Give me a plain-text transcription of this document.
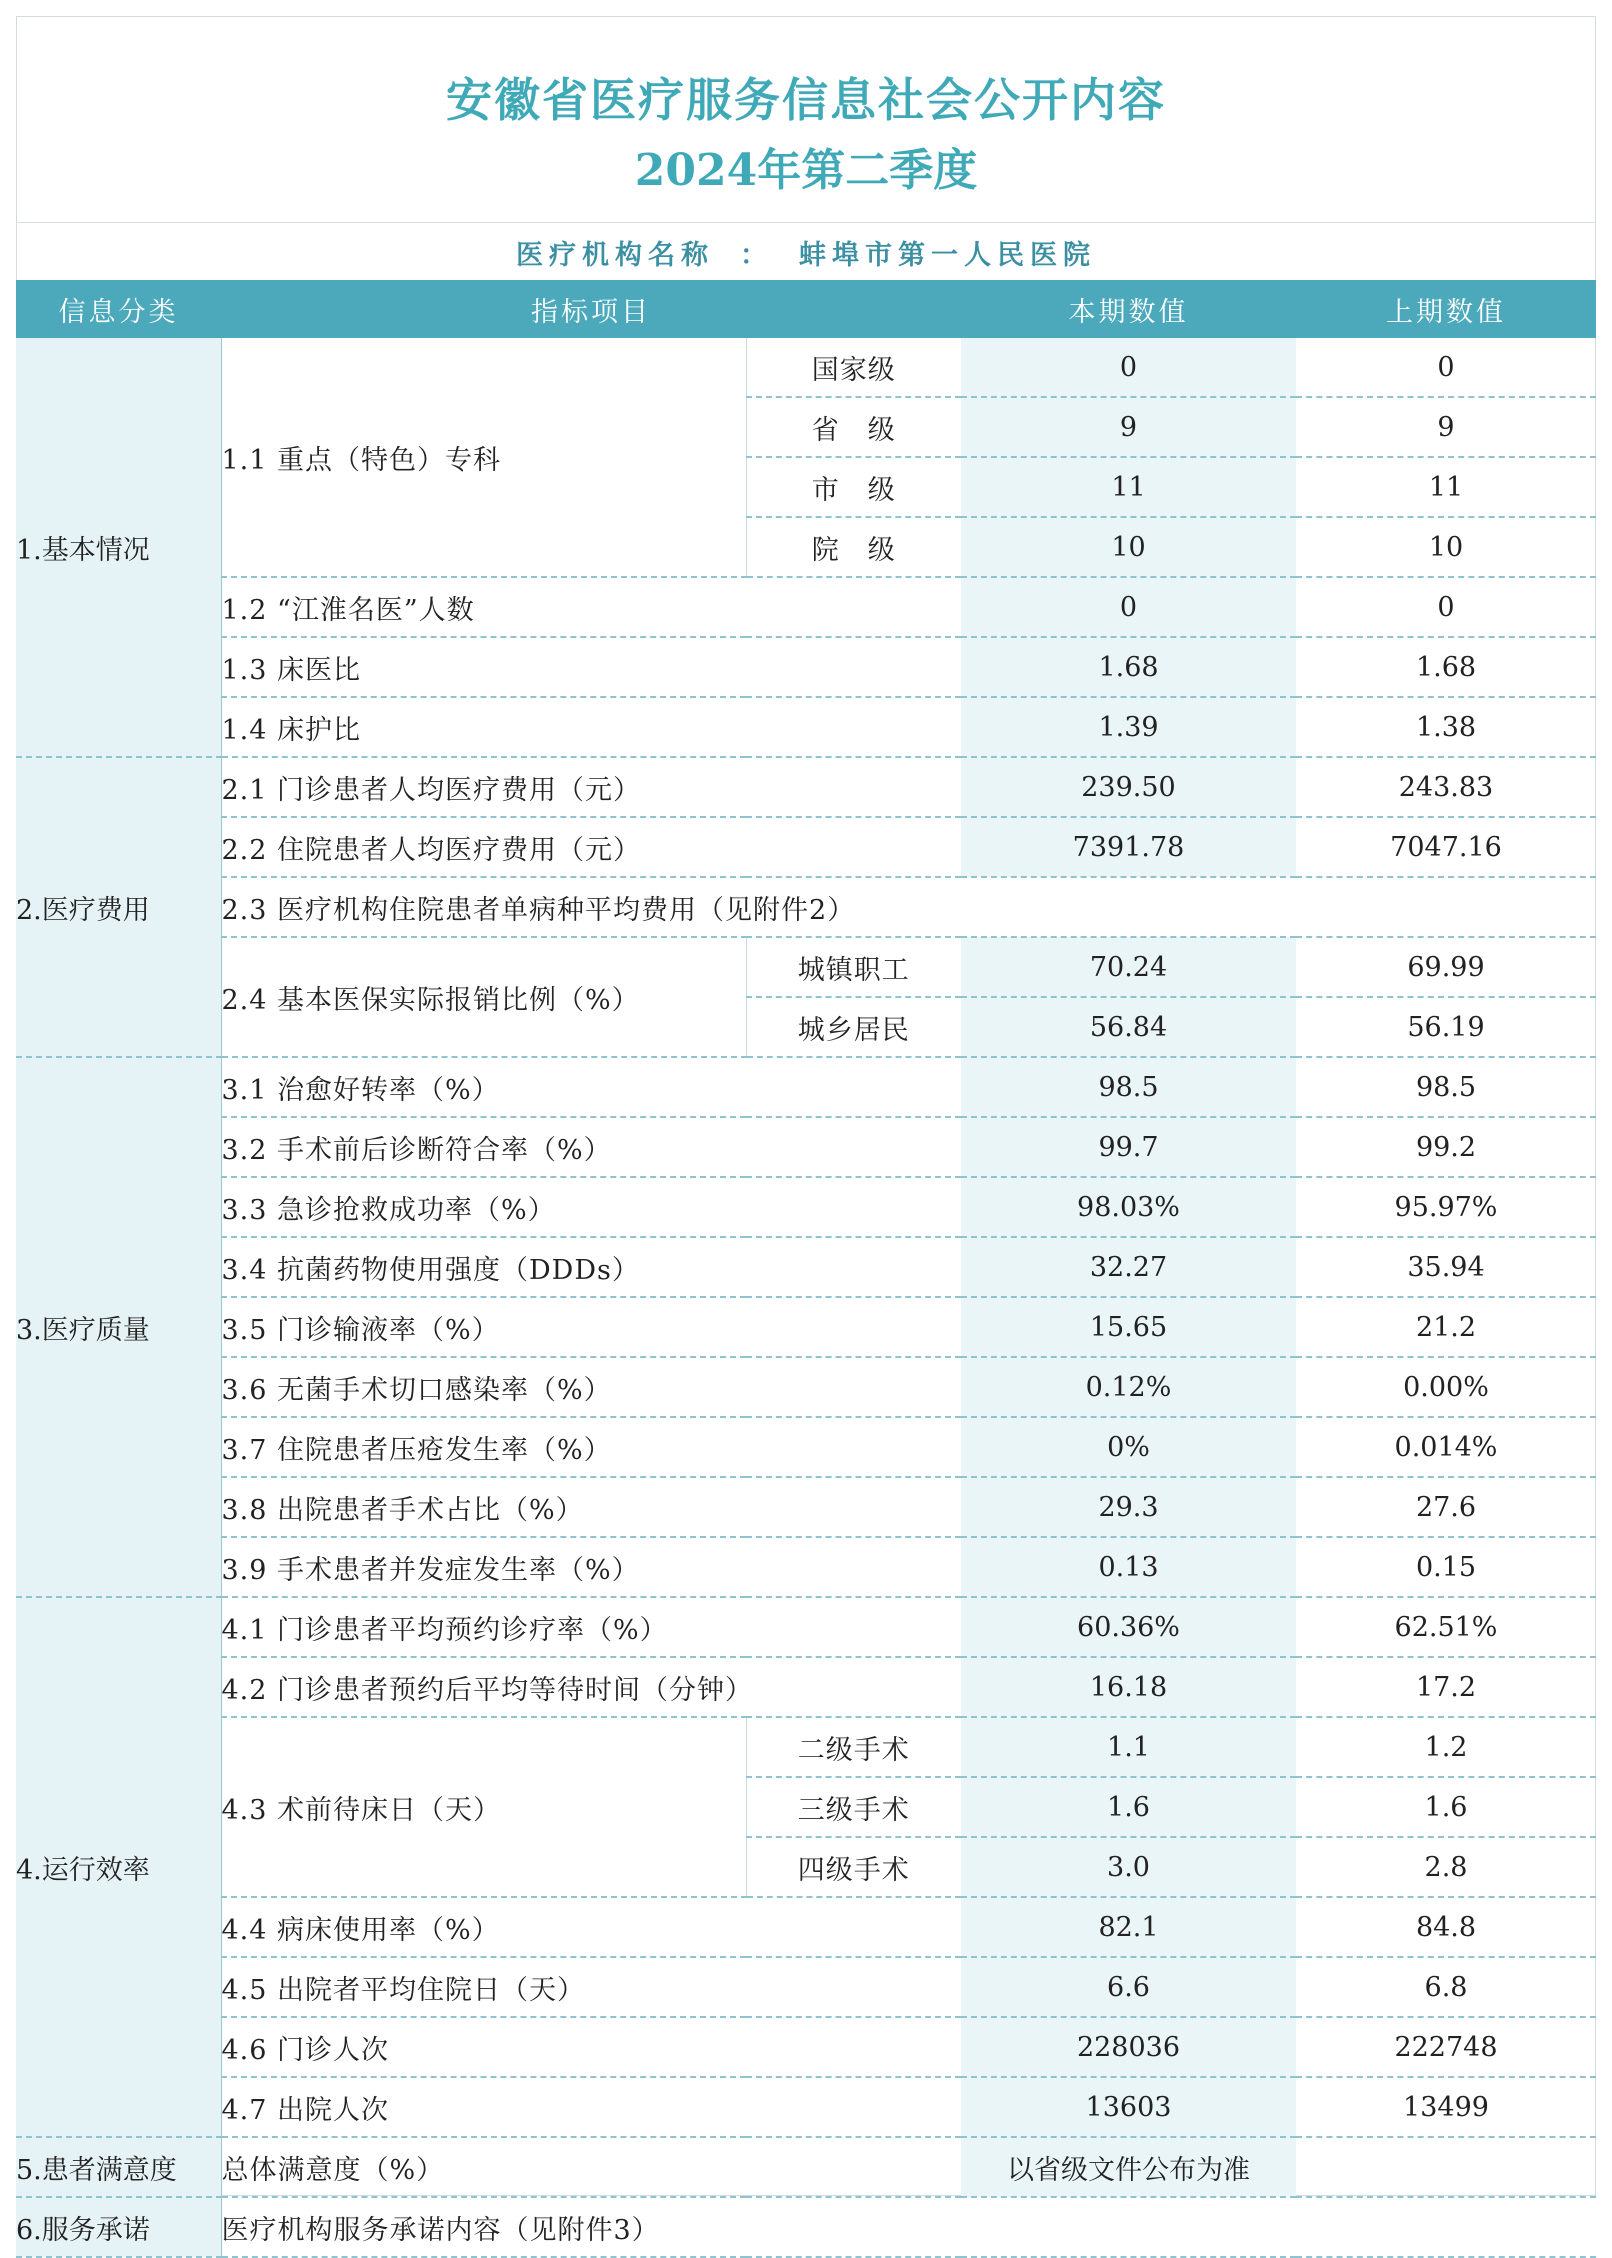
安徽省医疗服务信息社会公开内容
2024年第二季度
医疗机构名称 ： 蚌埠市第一人民医院
信息分类	指标项目		本期数值	上期数值
1.基本情况	1.1 重点（特色）专科	国家级	0	0
		省　级	9	9
		市　级	11	11
		院　级	10	10
	1.2 “江淮名医”人数		0	0
	1.3 床医比		1.68	1.68
	1.4 床护比		1.39	1.38
2.医疗费用	2.1 门诊患者人均医疗费用（元）		239.50	243.83
	2.2 住院患者人均医疗费用（元）		7391.78	7047.16
	2.3 医疗机构住院患者单病种平均费用（见附件2）			
	2.4 基本医保实际报销比例（%）	城镇职工	70.24	69.99
		城乡居民	56.84	56.19
3.医疗质量	3.1 治愈好转率（%）		98.5	98.5
	3.2 手术前后诊断符合率（%）		99.7	99.2
	3.3 急诊抢救成功率（%）		98.03%	95.97%
	3.4 抗菌药物使用强度（DDDs）		32.27	35.94
	3.5 门诊输液率（%）		15.65	21.2
	3.6 无菌手术切口感染率（%）		0.12%	0.00%
	3.7 住院患者压疮发生率（%）		0%	0.014%
	3.8 出院患者手术占比（%）		29.3	27.6
	3.9 手术患者并发症发生率（%）		0.13	0.15
4.运行效率	4.1 门诊患者平均预约诊疗率（%）		60.36%	62.51%
	4.2 门诊患者预约后平均等待时间（分钟）		16.18	17.2
	4.3 术前待床日（天）	二级手术	1.1	1.2
		三级手术	1.6	1.6
		四级手术	3.0	2.8
	4.4 病床使用率（%）		82.1	84.8
	4.5 出院者平均住院日（天）		6.6	6.8
	4.6 门诊人次		228036	222748
	4.7 出院人次		13603	13499
5.患者满意度	总体满意度（%）		以省级文件公布为准	
6.服务承诺	医疗机构服务承诺内容（见附件3）			
